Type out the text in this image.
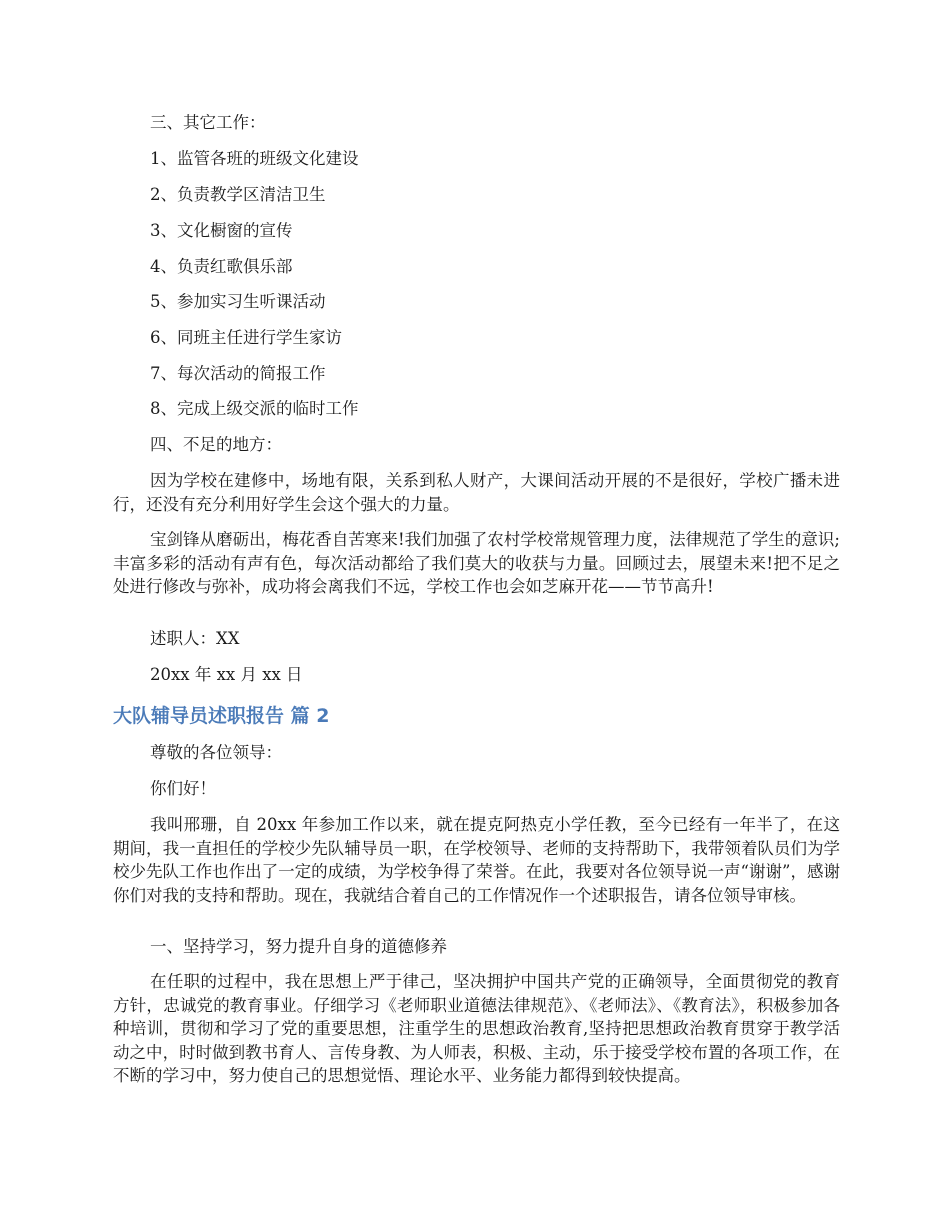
三、其它工作：

1、监管各班的班级文化建设

2、负责教学区清洁卫生

3、文化橱窗的宣传

4、负责红歌俱乐部

5、参加实习生听课活动

6、同班主任进行学生家访

7、每次活动的简报工作

8、完成上级交派的临时工作

四、不足的地方：

因为学校在建修中，场地有限，关系到私人财产，大课间活动开展的不是很好，学校广播未进行，还没有充分利用好学生会这个强大的力量。

宝剑锋从磨砺出，梅花香自苦寒来!我们加强了农村学校常规管理力度，法律规范了学生的意识;丰富多彩的活动有声有色，每次活动都给了我们莫大的收获与力量。回顾过去，展望未来!把不足之处进行修改与弥补，成功将会离我们不远，学校工作也会如芝麻开花——节节高升!

述职人：XX

20xx 年 xx 月 xx 日

大队辅导员述职报告 篇 2

尊敬的各位领导：

你们好！

我叫邢珊，自 20xx 年参加工作以来，就在提克阿热克小学任教，至今已经有一年半了，在这期间，我一直担任的学校少先队辅导员一职，在学校领导、老师的支持帮助下，我带领着队员们为学校少先队工作也作出了一定的成绩，为学校争得了荣誉。在此，我要对各位领导说一声“谢谢”，感谢你们对我的支持和帮助。现在，我就结合着自己的工作情况作一个述职报告，请各位领导审核。

一、坚持学习，努力提升自身的道德修养

在任职的过程中，我在思想上严于律己，坚决拥护中国共产党的正确领导，全面贯彻党的教育方针，忠诚党的教育事业。仔细学习《老师职业道德法律规范》、《老师法》、《教育法》，积极参加各种培训，贯彻和学习了党的重要思想，注重学生的思想政治教育,坚持把思想政治教育贯穿于教学活动之中，时时做到教书育人、言传身教、为人师表，积极、主动，乐于接受学校布置的各项工作，在不断的学习中，努力使自己的思想觉悟、理论水平、业务能力都得到较快提高。
